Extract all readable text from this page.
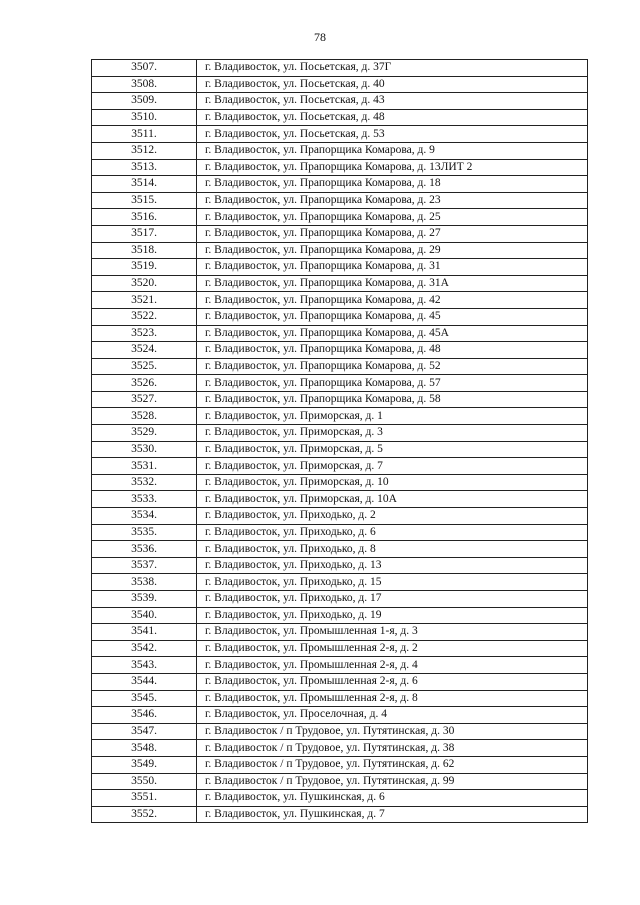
78
3507.	г. Владивосток, ул. Посьетская, д. 37Г
3508.	г. Владивосток, ул. Посьетская, д. 40
3509.	г. Владивосток, ул. Посьетская, д. 43
3510.	г. Владивосток, ул. Посьетская, д. 48
3511.	г. Владивосток, ул. Посьетская, д. 53
3512.	г. Владивосток, ул. Прапорщика Комарова, д. 9
3513.	г. Владивосток, ул. Прапорщика Комарова, д. 13ЛИТ 2
3514.	г. Владивосток, ул. Прапорщика Комарова, д. 18
3515.	г. Владивосток, ул. Прапорщика Комарова, д. 23
3516.	г. Владивосток, ул. Прапорщика Комарова, д. 25
3517.	г. Владивосток, ул. Прапорщика Комарова, д. 27
3518.	г. Владивосток, ул. Прапорщика Комарова, д. 29
3519.	г. Владивосток, ул. Прапорщика Комарова, д. 31
3520.	г. Владивосток, ул. Прапорщика Комарова, д. 31А
3521.	г. Владивосток, ул. Прапорщика Комарова, д. 42
3522.	г. Владивосток, ул. Прапорщика Комарова, д. 45
3523.	г. Владивосток, ул. Прапорщика Комарова, д. 45А
3524.	г. Владивосток, ул. Прапорщика Комарова, д. 48
3525.	г. Владивосток, ул. Прапорщика Комарова, д. 52
3526.	г. Владивосток, ул. Прапорщика Комарова, д. 57
3527.	г. Владивосток, ул. Прапорщика Комарова, д. 58
3528.	г. Владивосток, ул. Приморская, д. 1
3529.	г. Владивосток, ул. Приморская, д. 3
3530.	г. Владивосток, ул. Приморская, д. 5
3531.	г. Владивосток, ул. Приморская, д. 7
3532.	г. Владивосток, ул. Приморская, д. 10
3533.	г. Владивосток, ул. Приморская, д. 10А
3534.	г. Владивосток, ул. Приходько, д. 2
3535.	г. Владивосток, ул. Приходько, д. 6
3536.	г. Владивосток, ул. Приходько, д. 8
3537.	г. Владивосток, ул. Приходько, д. 13
3538.	г. Владивосток, ул. Приходько, д. 15
3539.	г. Владивосток, ул. Приходько, д. 17
3540.	г. Владивосток, ул. Приходько, д. 19
3541.	г. Владивосток, ул. Промышленная 1-я, д. 3
3542.	г. Владивосток, ул. Промышленная 2-я, д. 2
3543.	г. Владивосток, ул. Промышленная 2-я, д. 4
3544.	г. Владивосток, ул. Промышленная 2-я, д. 6
3545.	г. Владивосток, ул. Промышленная 2-я, д. 8
3546.	г. Владивосток, ул. Проселочная, д. 4
3547.	г. Владивосток / п Трудовое, ул. Путятинская, д. 30
3548.	г. Владивосток / п Трудовое, ул. Путятинская, д. 38
3549.	г. Владивосток / п Трудовое, ул. Путятинская, д. 62
3550.	г. Владивосток / п Трудовое, ул. Путятинская, д. 99
3551.	г. Владивосток, ул. Пушкинская, д. 6
3552.	г. Владивосток, ул. Пушкинская, д. 7
